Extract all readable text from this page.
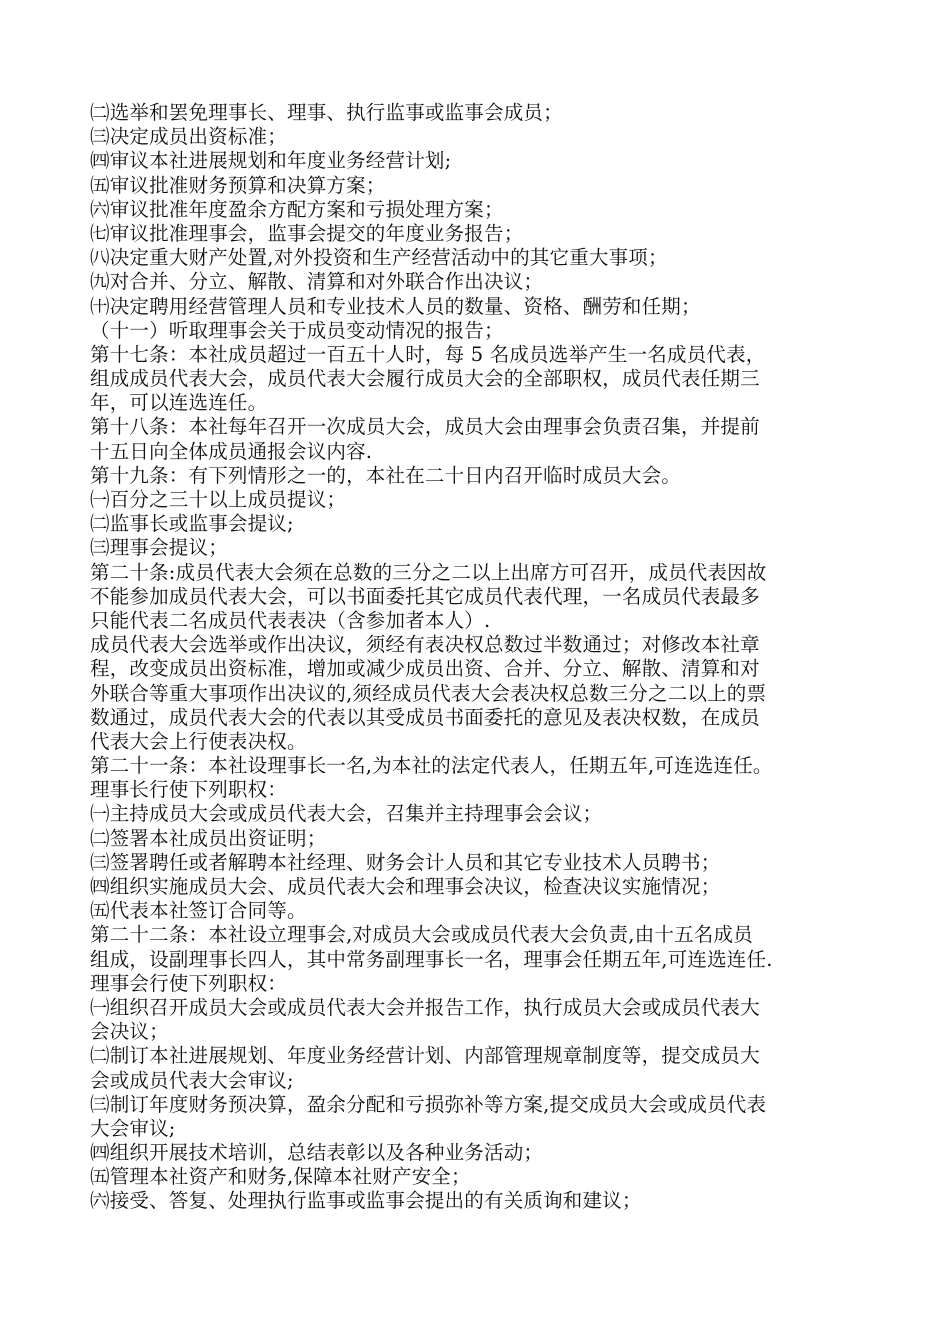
㈡选举和罢免理事长、理事、执行监事或监事会成员；
㈢决定成员出资标准；
㈣审议本社进展规划和年度业务经营计划;
㈤审议批准财务预算和决算方案；
㈥审议批准年度盈余方配方案和亏损处理方案；
㈦审议批准理事会，监事会提交的年度业务报告；
㈧决定重大财产处置,对外投资和生产经营活动中的其它重大事项；
㈨对合并、分立、解散、清算和对外联合作出决议；
㈩决定聘用经营管理人员和专业技术人员的数量、资格、酬劳和任期；
（十一）听取理事会关于成员变动情况的报告；
第十七条：本社成员超过一百五十人时，每 5 名成员选举产生一名成员代表，
组成成员代表大会，成员代表大会履行成员大会的全部职权，成员代表任期三
年，可以连选连任。
第十八条：本社每年召开一次成员大会，成员大会由理事会负责召集，并提前
十五日向全体成员通报会议内容.
第十九条：有下列情形之一的，本社在二十日内召开临时成员大会。
㈠百分之三十以上成员提议；
㈡监事长或监事会提议;
㈢理事会提议；
第二十条:成员代表大会须在总数的三分之二以上出席方可召开，成员代表因故
不能参加成员代表大会，可以书面委托其它成员代表代理，一名成员代表最多
只能代表二名成员代表表决（含参加者本人）.
成员代表大会选举或作出决议，须经有表决权总数过半数通过；对修改本社章
程，改变成员出资标准，增加或减少成员出资、合并、分立、解散、清算和对
外联合等重大事项作出决议的,须经成员代表大会表决权总数三分之二以上的票
数通过，成员代表大会的代表以其受成员书面委托的意见及表决权数，在成员
代表大会上行使表决权。
第二十一条：本社设理事长一名,为本社的法定代表人，任期五年,可连选连任。
理事长行使下列职权：
㈠主持成员大会或成员代表大会，召集并主持理事会会议；
㈡签署本社成员出资证明；
㈢签署聘任或者解聘本社经理、财务会计人员和其它专业技术人员聘书；
㈣组织实施成员大会、成员代表大会和理事会决议，检查决议实施情况；
㈤代表本社签订合同等。
第二十二条：本社设立理事会,对成员大会或成员代表大会负责,由十五名成员
组成，设副理事长四人，其中常务副理事长一名，理事会任期五年,可连选连任.
理事会行使下列职权：
㈠组织召开成员大会或成员代表大会并报告工作，执行成员大会或成员代表大
会决议；
㈡制订本社进展规划、年度业务经营计划、内部管理规章制度等，提交成员大
会或成员代表大会审议;
㈢制订年度财务预决算，盈余分配和亏损弥补等方案,提交成员大会或成员代表
大会审议;
㈣组织开展技术培训，总结表彰以及各种业务活动；
㈤管理本社资产和财务,保障本社财产安全；
㈥接受、答复、处理执行监事或监事会提出的有关质询和建议；
